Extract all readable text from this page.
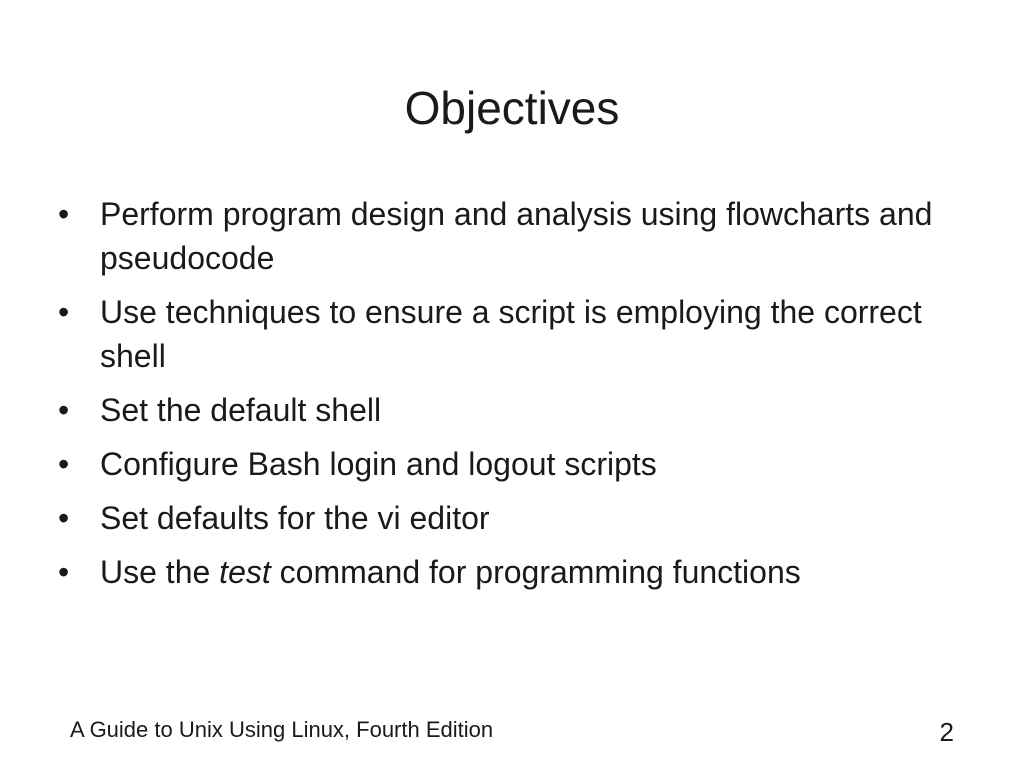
Objectives
• Perform program design and analysis using flowcharts and pseudocode
• Use techniques to ensure a script is employing the correct shell
• Set the default shell
• Configure Bash login and logout scripts
• Set defaults for the vi editor
• Use the test command for programming functions
A Guide to Unix Using Linux, Fourth Edition	2
